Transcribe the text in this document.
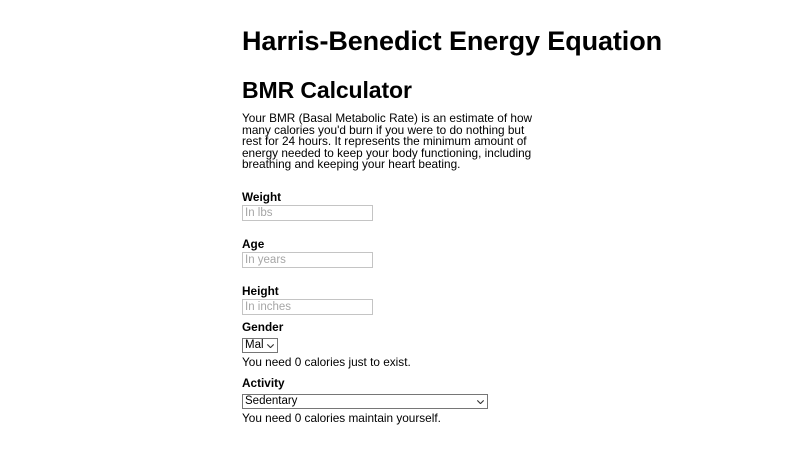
Harris-Benedict Energy Equation
BMR Calculator

Your BMR (Basal Metabolic Rate) is an estimate of how many calories you'd burn if you were to do nothing but rest for 24 hours. It represents the minimum amount of energy needed to keep your body functioning, including breathing and keeping your heart beating.

Weight
In lbs
Age
In years
Height
In inches
Gender
Male

You need 0 calories just to exist.

Activity
Sedentary

You need 0 calories maintain yourself.
